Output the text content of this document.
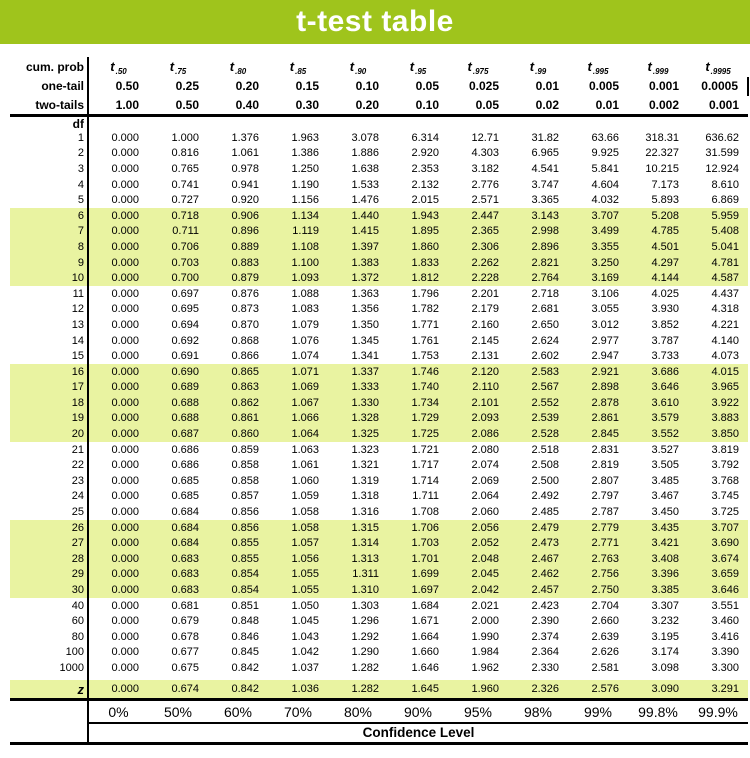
t-test table
cum. prob	$t_{.50}$	$t_{.75}$	$t_{.80}$	$t_{.85}$	$t_{.90}$	$t_{.95}$	$t_{.975}$	$t_{.99}$	$t_{.995}$	$t_{.999}$	$t_{.9995}$
one-tail	0.50	0.25	0.20	0.15	0.10	0.05	0.025	0.01	0.005	0.001	0.0005
two-tails	1.00	0.50	0.40	0.30	0.20	0.10	0.05	0.02	0.01	0.002	0.001
df											
1	0.000	1.000	1.376	1.963	3.078	6.314	12.71	31.82	63.66	318.31	636.62
2	0.000	0.816	1.061	1.386	1.886	2.920	4.303	6.965	9.925	22.327	31.599
3	0.000	0.765	0.978	1.250	1.638	2.353	3.182	4.541	5.841	10.215	12.924
4	0.000	0.741	0.941	1.190	1.533	2.132	2.776	3.747	4.604	7.173	8.610
5	0.000	0.727	0.920	1.156	1.476	2.015	2.571	3.365	4.032	5.893	6.869
6	0.000	0.718	0.906	1.134	1.440	1.943	2.447	3.143	3.707	5.208	5.959
7	0.000	0.711	0.896	1.119	1.415	1.895	2.365	2.998	3.499	4.785	5.408
8	0.000	0.706	0.889	1.108	1.397	1.860	2.306	2.896	3.355	4.501	5.041
9	0.000	0.703	0.883	1.100	1.383	1.833	2.262	2.821	3.250	4.297	4.781
10	0.000	0.700	0.879	1.093	1.372	1.812	2.228	2.764	3.169	4.144	4.587
11	0.000	0.697	0.876	1.088	1.363	1.796	2.201	2.718	3.106	4.025	4.437
12	0.000	0.695	0.873	1.083	1.356	1.782	2.179	2.681	3.055	3.930	4.318
13	0.000	0.694	0.870	1.079	1.350	1.771	2.160	2.650	3.012	3.852	4.221
14	0.000	0.692	0.868	1.076	1.345	1.761	2.145	2.624	2.977	3.787	4.140
15	0.000	0.691	0.866	1.074	1.341	1.753	2.131	2.602	2.947	3.733	4.073
16	0.000	0.690	0.865	1.071	1.337	1.746	2.120	2.583	2.921	3.686	4.015
17	0.000	0.689	0.863	1.069	1.333	1.740	2.110	2.567	2.898	3.646	3.965
18	0.000	0.688	0.862	1.067	1.330	1.734	2.101	2.552	2.878	3.610	3.922
19	0.000	0.688	0.861	1.066	1.328	1.729	2.093	2.539	2.861	3.579	3.883
20	0.000	0.687	0.860	1.064	1.325	1.725	2.086	2.528	2.845	3.552	3.850
21	0.000	0.686	0.859	1.063	1.323	1.721	2.080	2.518	2.831	3.527	3.819
22	0.000	0.686	0.858	1.061	1.321	1.717	2.074	2.508	2.819	3.505	3.792
23	0.000	0.685	0.858	1.060	1.319	1.714	2.069	2.500	2.807	3.485	3.768
24	0.000	0.685	0.857	1.059	1.318	1.711	2.064	2.492	2.797	3.467	3.745
25	0.000	0.684	0.856	1.058	1.316	1.708	2.060	2.485	2.787	3.450	3.725
26	0.000	0.684	0.856	1.058	1.315	1.706	2.056	2.479	2.779	3.435	3.707
27	0.000	0.684	0.855	1.057	1.314	1.703	2.052	2.473	2.771	3.421	3.690
28	0.000	0.683	0.855	1.056	1.313	1.701	2.048	2.467	2.763	3.408	3.674
29	0.000	0.683	0.854	1.055	1.311	1.699	2.045	2.462	2.756	3.396	3.659
30	0.000	0.683	0.854	1.055	1.310	1.697	2.042	2.457	2.750	3.385	3.646
40	0.000	0.681	0.851	1.050	1.303	1.684	2.021	2.423	2.704	3.307	3.551
60	0.000	0.679	0.848	1.045	1.296	1.671	2.000	2.390	2.660	3.232	3.460
80	0.000	0.678	0.846	1.043	1.292	1.664	1.990	2.374	2.639	3.195	3.416
100	0.000	0.677	0.845	1.042	1.290	1.660	1.984	2.364	2.626	3.174	3.390
1000	0.000	0.675	0.842	1.037	1.282	1.646	1.962	2.330	2.581	3.098	3.300

z	0.000	0.674	0.842	1.036	1.282	1.645	1.960	2.326	2.576	3.090	3.291
	0%	50%	60%	70%	80%	90%	95%	98%	99%	99.8%	99.9%
	Confidence Level										
